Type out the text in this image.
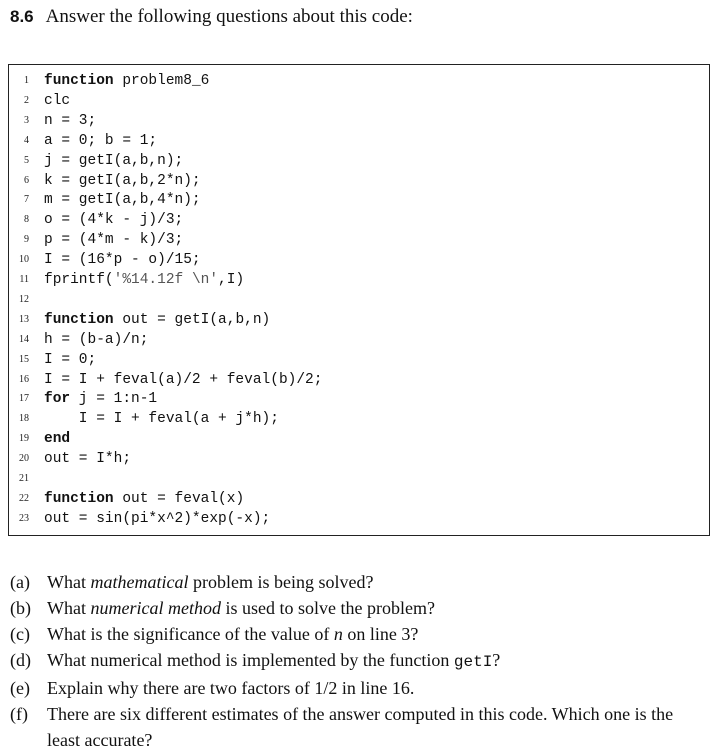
8.6 Answer the following questions about this code:
1 function problem8_6
2 clc
3 n = 3;
4 a = 0; b = 1;
5 j = getI(a,b,n);
6 k = getI(a,b,2*n);
7 m = getI(a,b,4*n);
8 o = (4*k - j)/3;
9 p = (4*m - k)/3;
10 I = (16*p - o)/15;
11 fprintf('%14.12f \n',I)
12
13 function out = getI(a,b,n)
14 h = (b-a)/n;
15 I = 0;
16 I = I + feval(a)/2 + feval(b)/2;
17 for j = 1:n-1
18 I = I + feval(a + j*h);
19 end
20 out = I*h;
21
22 function out = feval(x)
23 out = sin(pi*x^2)*exp(-x);
(a) What mathematical problem is being solved?
(b) What numerical method is used to solve the problem?
(c) What is the significance of the value of n on line 3?
(d) What numerical method is implemented by the function getI?
(e) Explain why there are two factors of 1/2 in line 16.
(f) There are six different estimates of the answer computed in this code. Which one is the least accurate?
